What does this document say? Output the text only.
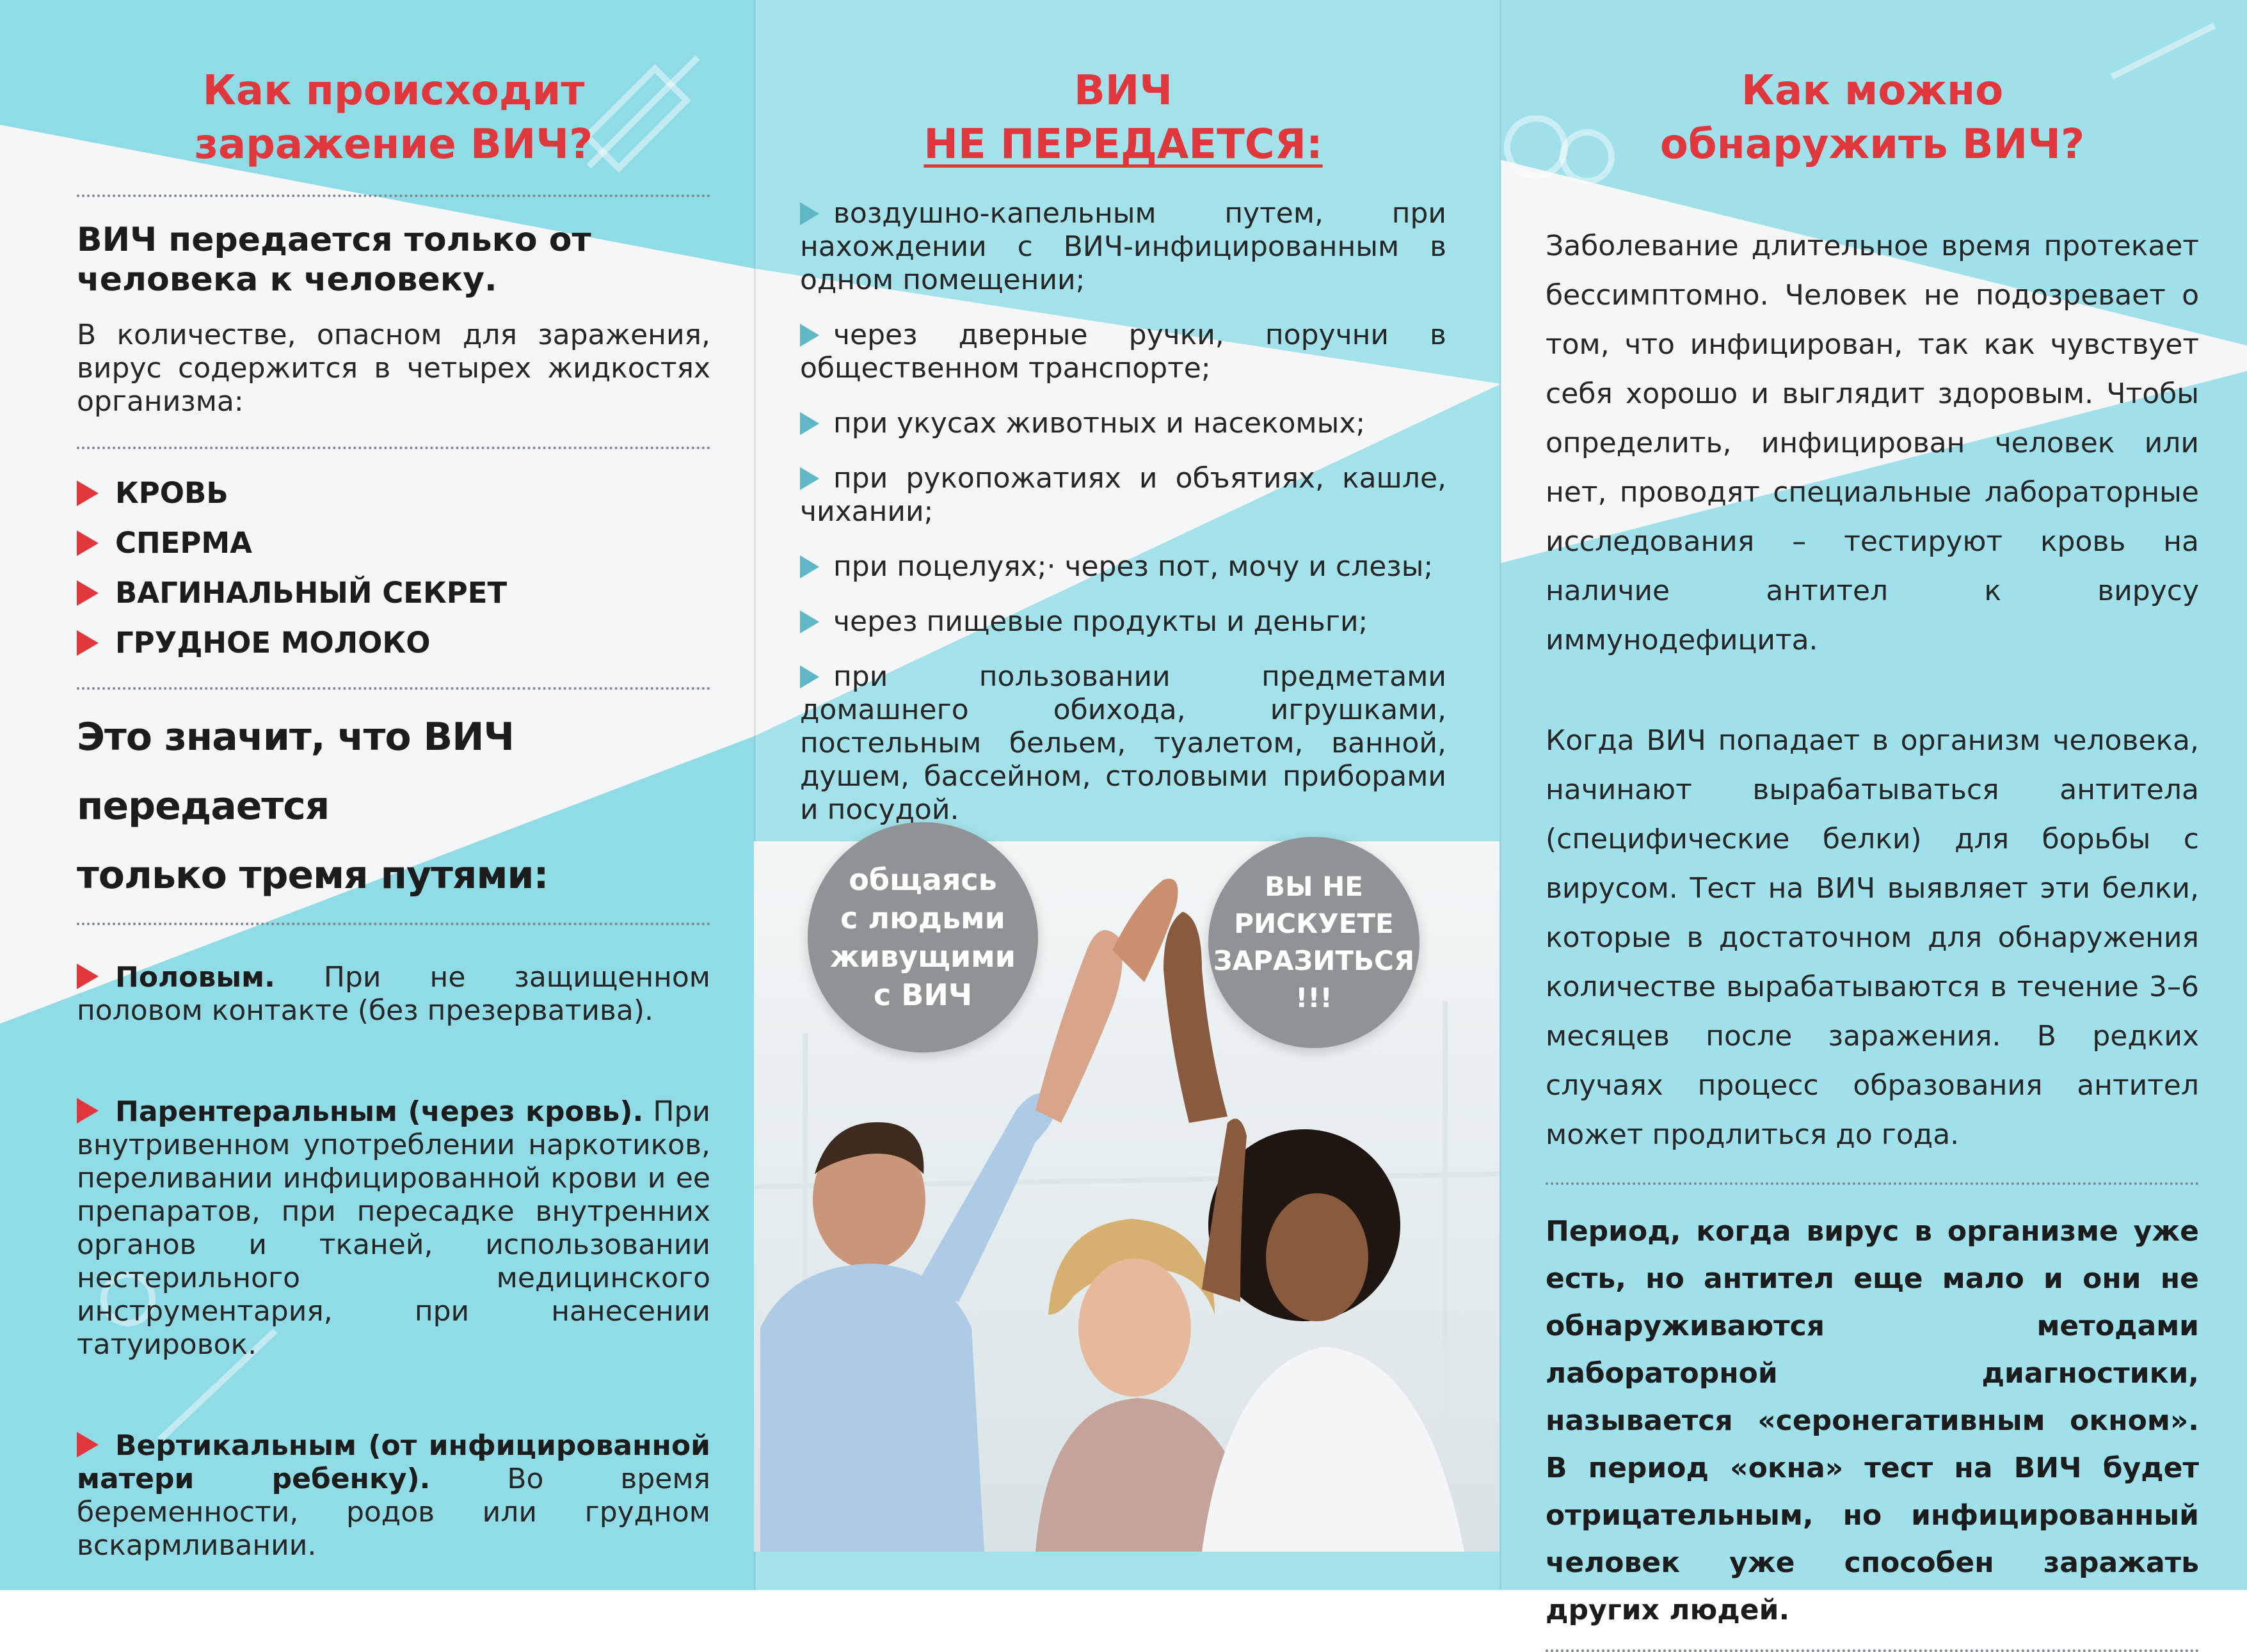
Как происходит
заражение ВИЧ?

ВИЧ передается только от человека к человеку.

В количестве, опасном для заражения, вирус содержится в четырех жидкостях организма:

КРОВЬ
СПЕРМА
ВАГИНАЛЬНЫЙ СЕКРЕТ
ГРУДНОЕ МОЛОКО

Это значит, что ВИЧ передается
только тремя путями:

Половым. При не защищенном половом контакте (без презерватива).

Парентеральным (через кровь). При внутривенном употреблении наркотиков, переливании инфицированной крови и ее препаратов, при пересадке внутренних органов и тканей, использовании нестерильного медицинского инструментария, при нанесении татуировок.

Вертикальным (от инфицированной матери ребенку). Во время беременности, родов или грудном вскармливании.

ВИЧ
НЕ ПЕРЕДАЕТСЯ:
воздушно-капельным путем, при нахождении с ВИЧ-инфицированным в одном помещении;
через дверные ручки, поручни в общественном транспорте;
при укусах животных и насекомых;
при рукопожатиях и объятиях, кашле, чихании;
при поцелуях;· через пот, мочу и слезы;
через пищевые продукты и деньги;
при пользовании предметами домашнего обихода, игрушками, постельным бельем, туалетом, ванной, душем, бассейном, столовыми приборами и посудой.
общаясь
с людьми
живущими
с ВИЧ
ВЫ НЕ
РИСКУЕТЕ
ЗАРАЗИТЬСЯ
!!!
Как можно
обнаружить ВИЧ?

Заболевание длительное время протекает бессимптомно. Человек не подозревает о том, что инфицирован, так как чувствует себя хорошо и выглядит здоровым. Чтобы определить, инфицирован человек или нет, проводят специальные лабораторные исследования – тестируют кровь на наличие антител к вирусу иммунодефицита.

Когда ВИЧ попадает в организм человека, начинают вырабатываться антитела (специфические белки) для борьбы с вирусом. Тест на ВИЧ выявляет эти белки, которые в достаточном для обнаружения количестве вырабатываются в течение 3–6 месяцев после заражения. В редких случаях процесс образования антител может продлиться до года.

Период, когда вирус в организме уже есть, но антител еще мало и они не обнаруживаются методами лабораторной диагностики, называется «серонегативным окном». В период «окна» тест на ВИЧ будет отрицательным, но инфицированный человек уже способен заражать других людей.
